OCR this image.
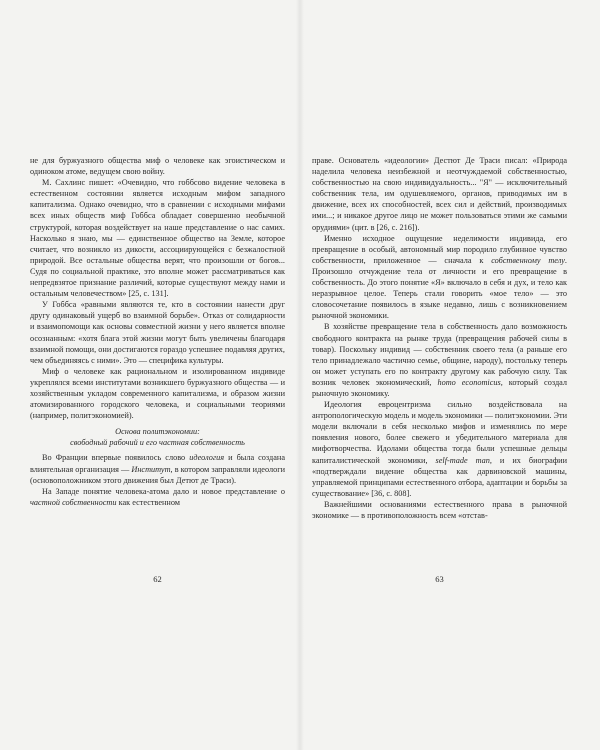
не для буржуазного общества миф о человеке как эгоистическом и одиноком атоме, ведущем свою войну.

М. Сахлинс пишет: «Очевидно, что гоббсово видение человека в естественном состоянии является исходным мифом западного капитализма. Однако очевидно, что в сравнении с исходными мифами всех иных обществ миф Гоббса обладает совершенно необычной структурой, которая воздействует на наше представление о нас самих. Насколько я знаю, мы — единственное общество на Земле, которое считает, что возникло из дикости, ассоциирующейся с безжалостной природой. Все остальные общества верят, что произошли от богов... Судя по социальной практике, это вполне может рассматриваться как непредвзятое признание различий, которые существуют между нами и остальным человечеством» [25, с. 131].

У Гоббса «равными являются те, кто в состоянии нанести друг другу одинаковый ущерб во взаимной борьбе». Отказ от солидарности и взаимопомощи как основы совместной жизни у него является вполне осознанным: «хотя блага этой жизни могут быть увеличены благодаря взаимной помощи, они достигаются гораздо успешнее подавляя других, чем объединяясь с ними». Это — специфика культуры.

Миф о человеке как рациональном и изолированном индивиде укреплялся всеми институтами возникшего буржуазного общества — и хозяйственным укладом современного капитализма, и образом жизни атомизированного городского человека, и социальными теориями (например, политэкономией).

Основа политэкономии:
свободный рабочий и его частная собственность

Во Франции впервые появилось слово идеология и была создана влиятельная организация — Институт, в котором заправляли идеологи (основоположником этого движения был Детют де Траси).

На Западе понятие человека-атома дало и новое представление о частной собственности как естественном

62

праве. Основатель «идеологии» Дестют Де Траси писал: «Природа наделила человека неизбежной и неотчуждаемой собственностью, собственностью на свою индивидуальность... "Я" — исключительный собственник тела, им одушевляемого, органов, приводимых им в движение, всех их способностей, всех сил и действий, производимых ими...; и никакое другое лицо не может пользоваться этими же самыми орудиями» (цит. в [26, с. 216]).

Именно исходное ощущение неделимости индивида, его превращение в особый, автономный мир породило глубинное чувство собственности, приложенное — сначала к собственному телу. Произошло отчуждение тела от личности и его превращение в собственность. До этого понятие «Я» включало в себя и дух, и тело как неразрывное целое. Теперь стали говорить «мое тело» — это словосочетание появилось в языке недавно, лишь с возникновением рыночной экономики.

В хозяйстве превращение тела в собственность дало возможность свободного контракта на рынке труда (превращения рабочей силы в товар). Поскольку индивид — собственник своего тела (а раньше его тело принадлежало частично семье, общине, народу), постольку теперь он может уступать его по контракту другому как рабочую силу. Так возник человек экономический, homo economicus, который создал рыночную экономику.

Идеология евроцентризма сильно воздействовала на антропологическую модель и модель экономики — политэкономии. Эти модели включали в себя несколько мифов и изменялись по мере появления нового, более свежего и убедительного материала для мифотворчества. Идолами общества тогда были успешные дельцы капиталистической экономики, self-made man, и их биографии «подтверждали видение общества как дарвиновской машины, управляемой принципами естественного отбора, адаптации и борьбы за существование» [36, с. 808].

Важнейшими основаниями естественного права в рыночной экономике — в противоположность всем «отстав-

63
